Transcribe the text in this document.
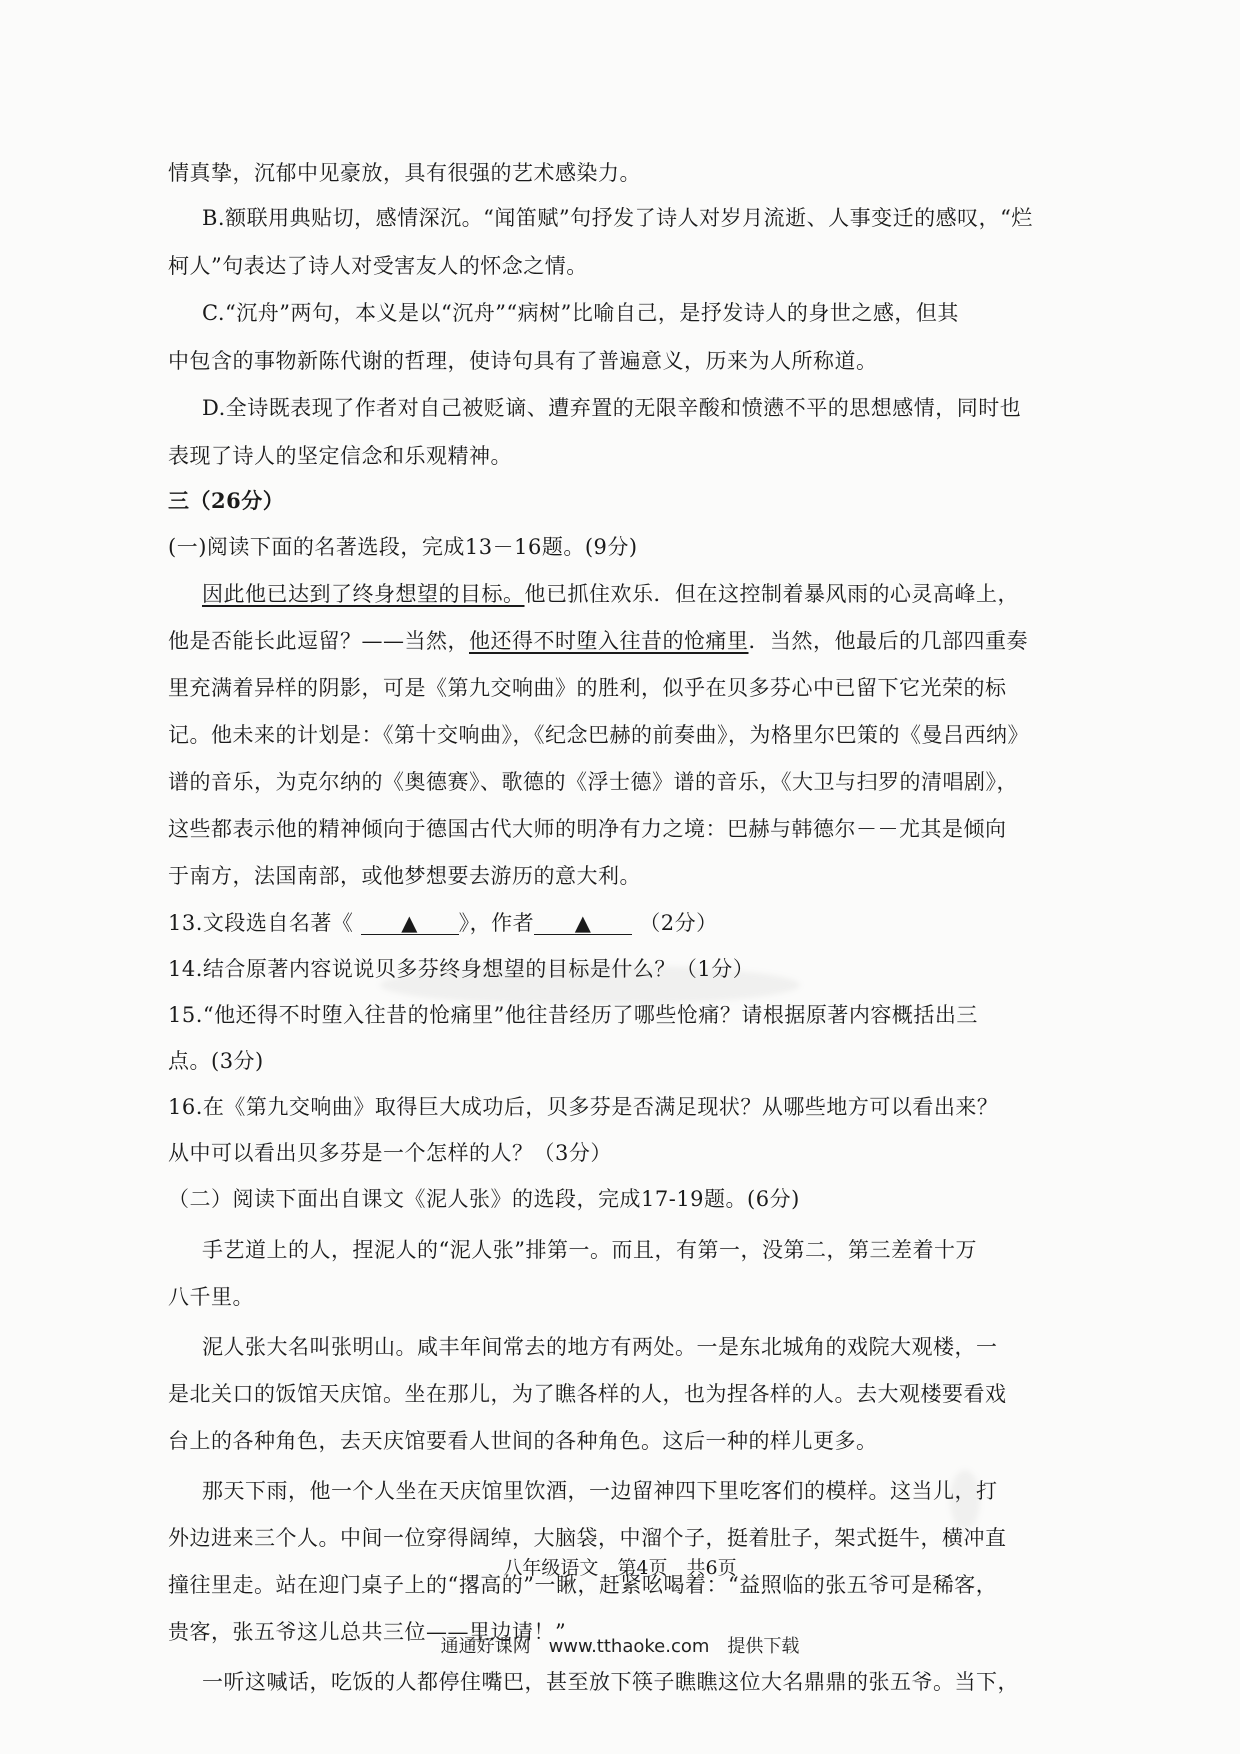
情真挚，沉郁中见豪放，具有很强的艺术感染力。
B.额联用典贴切，感情深沉。“闻笛赋”句抒发了诗人对岁月流逝、人事变迁的感叹，“烂
柯人”句表达了诗人对受害友人的怀念之情。
C.“沉舟”两句，本义是以“沉舟”“病树”比喻自己，是抒发诗人的身世之感，但其
中包含的事物新陈代谢的哲理，使诗句具有了普遍意义，历来为人所称道。
D.全诗既表现了作者对自己被贬谪、遭弃置的无限辛酸和愤懑不平的思想感情，同时也
表现了诗人的坚定信念和乐观精神。
三（26分）
(一)阅读下面的名著选段，完成13－16题。(9分)
因此他已达到了终身想望的目标。他已抓住欢乐．但在这控制着暴风雨的心灵高峰上，
他是否能长此逗留？——当然，他还得不时堕入往昔的怆痛里．当然，他最后的几部四重奏
里充满着异样的阴影，可是《第九交响曲》的胜利，似乎在贝多芬心中已留下它光荣的标
记。他未来的计划是：《第十交响曲》，《纪念巴赫的前奏曲》，为格里尔巴策的《曼吕西纳》
谱的音乐，为克尔纳的《奥德赛》、歌德的《浮士德》谱的音乐，《大卫与扫罗的清唱剧》，
这些都表示他的精神倾向于德国古代大师的明净有力之境：巴赫与韩德尔－－尤其是倾向
于南方，法国南部，或他梦想要去游历的意大利。
13.文段选自名著《 ▲ 》，作者 ▲ （2分）
14.结合原著内容说说贝多芬终身想望的目标是什么？（1分）
15.“他还得不时堕入往昔的怆痛里”他往昔经历了哪些怆痛？请根据原著内容概括出三
点。(3分)
16.在《第九交响曲》取得巨大成功后，贝多芬是否满足现状？从哪些地方可以看出来？
从中可以看出贝多芬是一个怎样的人？（3分）
（二）阅读下面出自课文《泥人张》的选段，完成17-19题。(6分)
手艺道上的人，捏泥人的“泥人张”排第一。而且，有第一，没第二，第三差着十万
八千里。
泥人张大名叫张明山。咸丰年间常去的地方有两处。一是东北城角的戏院大观楼，一
是北关口的饭馆天庆馆。坐在那儿，为了瞧各样的人，也为捏各样的人。去大观楼要看戏
台上的各种角色，去天庆馆要看人世间的各种角色。这后一种的样儿更多。
那天下雨，他一个人坐在天庆馆里饮酒，一边留神四下里吃客们的模样。这当儿，打
外边进来三个人。中间一位穿得阔绰，大脑袋，中溜个子，挺着肚子，架式挺牛，横冲直
撞往里走。站在迎门桌子上的“撂高的”一瞅，赶紧吆喝着：“益照临的张五爷可是稀客，
贵客，张五爷这儿总共三位——里边请！”
一听这喊话，吃饭的人都停住嘴巴，甚至放下筷子瞧瞧这位大名鼎鼎的张五爷。当下，
八年级语文　第4页　共6页
通通好课网　www.tthaoke.com　提供下载
